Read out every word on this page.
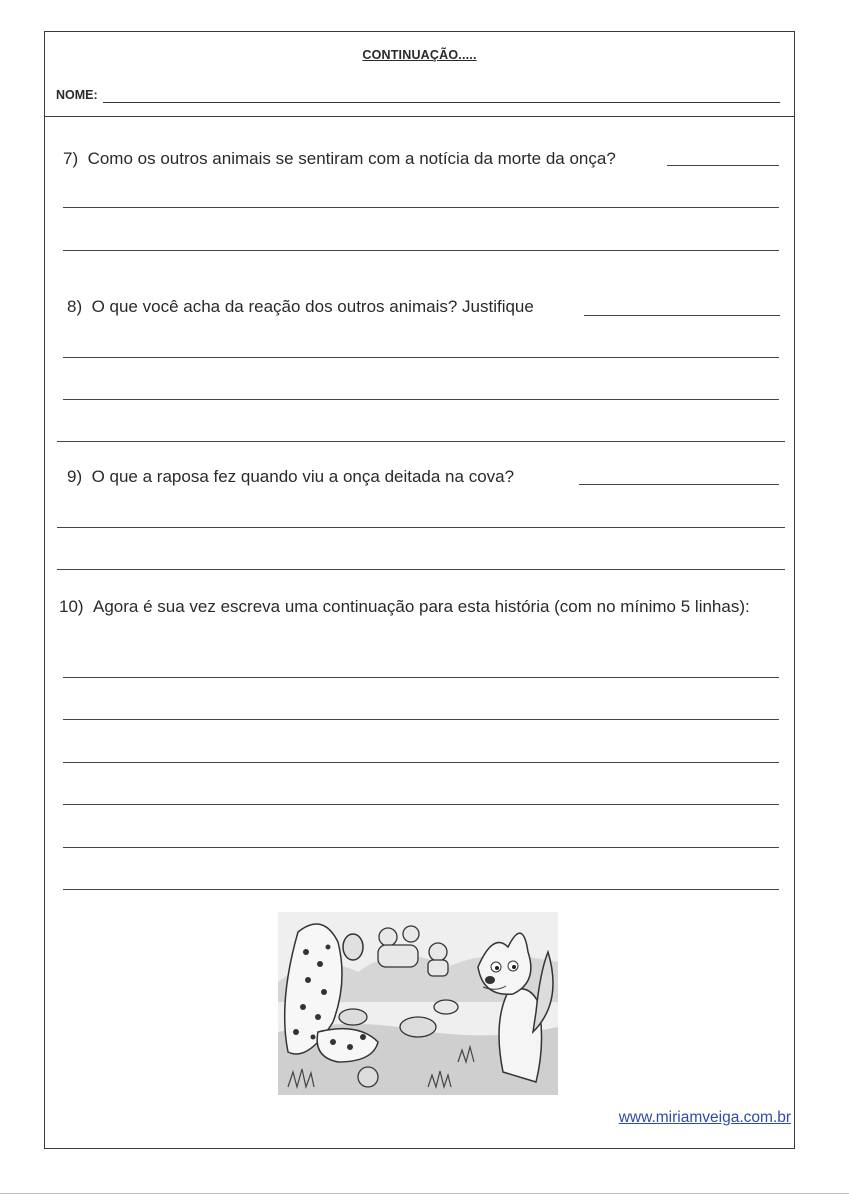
CONTINUAÇÃO.....
NOME:
7) Como os outros animais se sentiram com a notícia da morte da onça?
8) O que você acha da reação dos outros animais? Justifique
9) O que a raposa fez quando viu a onça deitada na cova?
10) Agora é sua vez escreva uma continuação para esta história (com no mínimo 5 linhas):
www.miriamveiga.com.br
